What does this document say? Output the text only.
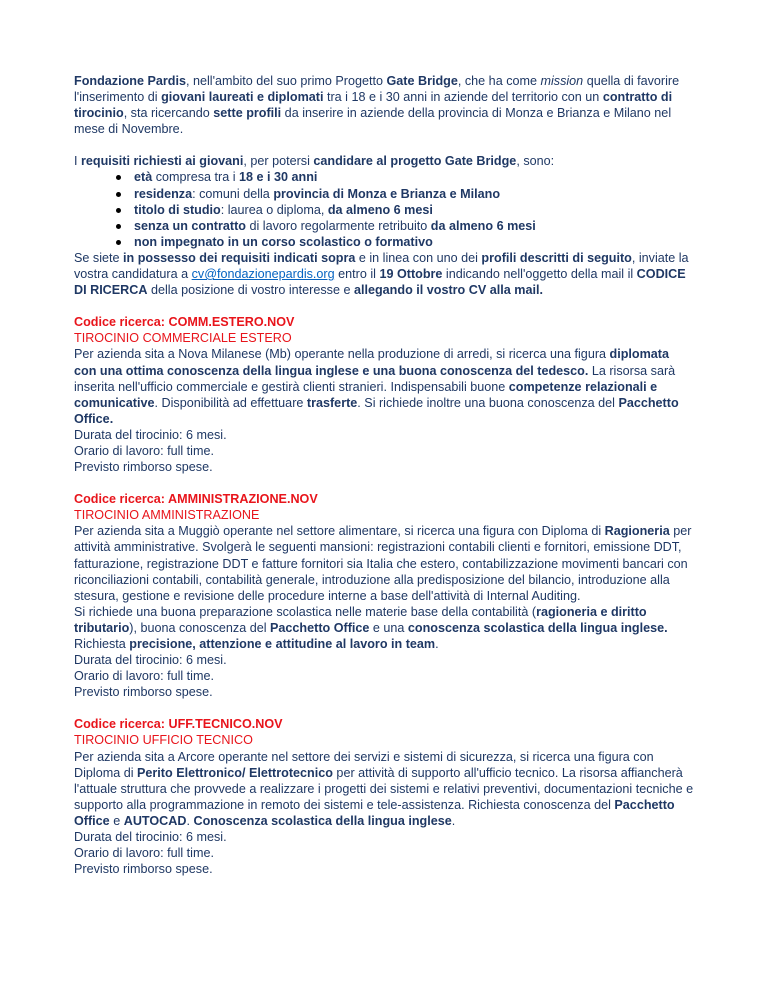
Fondazione Pardis, nell'ambito del suo primo Progetto Gate Bridge, che ha come mission quella di favorire l'inserimento di giovani laureati e diplomati tra i 18 e i 30 anni in aziende del territorio con un contratto di tirocinio, sta ricercando sette profili da inserire in aziende della provincia di Monza e Brianza e Milano nel mese di Novembre.

I requisiti richiesti ai giovani, per potersi candidare al progetto Gate Bridge, sono:

età compresa tra i 18 e i 30 anni
residenza: comuni della provincia di Monza e Brianza e Milano
titolo di studio: laurea o diploma, da almeno 6 mesi
senza un contratto di lavoro regolarmente retribuito da almeno 6 mesi
non impegnato in un corso scolastico o formativo

Se siete in possesso dei requisiti indicati sopra e in linea con uno dei profili descritti di seguito, inviate la vostra candidatura a cv@fondazionepardis.org entro il 19 Ottobre indicando nell'oggetto della mail il CODICE DI RICERCA della posizione di vostro interesse e allegando il vostro CV alla mail.

Codice ricerca: COMM.ESTERO.NOV

TIROCINIO COMMERCIALE ESTERO

Per azienda sita a Nova Milanese (Mb) operante nella produzione di arredi, si ricerca una figura diplomata con una ottima conoscenza della lingua inglese e una buona conoscenza del tedesco. La risorsa sarà inserita nell'ufficio commerciale e gestirà clienti stranieri. Indispensabili buone competenze relazionali e comunicative. Disponibilità ad effettuare trasferte. Si richiede inoltre una buona conoscenza del Pacchetto Office.

Durata del tirocinio: 6 mesi.

Orario di lavoro: full time.

Previsto rimborso spese.

Codice ricerca: AMMINISTRAZIONE.NOV

TIROCINIO AMMINISTRAZIONE

Per azienda sita a Muggiò operante nel settore alimentare, si ricerca una figura con Diploma di Ragioneria per attività amministrative. Svolgerà le seguenti mansioni: registrazioni contabili clienti e fornitori, emissione DDT, fatturazione, registrazione DDT e fatture fornitori sia Italia che estero, contabilizzazione movimenti bancari con riconciliazioni contabili, contabilità generale, introduzione alla predisposizione del bilancio, introduzione alla stesura, gestione e revisione delle procedure interne a base dell'attività di Internal Auditing.

Si richiede una buona preparazione scolastica nelle materie base della contabilità (ragioneria e diritto tributario), buona conoscenza del Pacchetto Office e una conoscenza scolastica della lingua inglese. Richiesta precisione, attenzione e attitudine al lavoro in team.

Durata del tirocinio: 6 mesi.

Orario di lavoro: full time.

Previsto rimborso spese.

Codice ricerca: UFF.TECNICO.NOV

TIROCINIO UFFICIO TECNICO

Per azienda sita a Arcore operante nel settore dei servizi e sistemi di sicurezza, si ricerca una figura con Diploma di Perito Elettronico/ Elettrotecnico per attività di supporto all'ufficio tecnico. La risorsa affiancherà l'attuale struttura che provvede a realizzare i progetti dei sistemi e relativi preventivi, documentazioni tecniche e supporto alla programmazione in remoto dei sistemi e tele-assistenza. Richiesta conoscenza del Pacchetto Office e AUTOCAD. Conoscenza scolastica della lingua inglese.

Durata del tirocinio: 6 mesi.

Orario di lavoro: full time.

Previsto rimborso spese.
